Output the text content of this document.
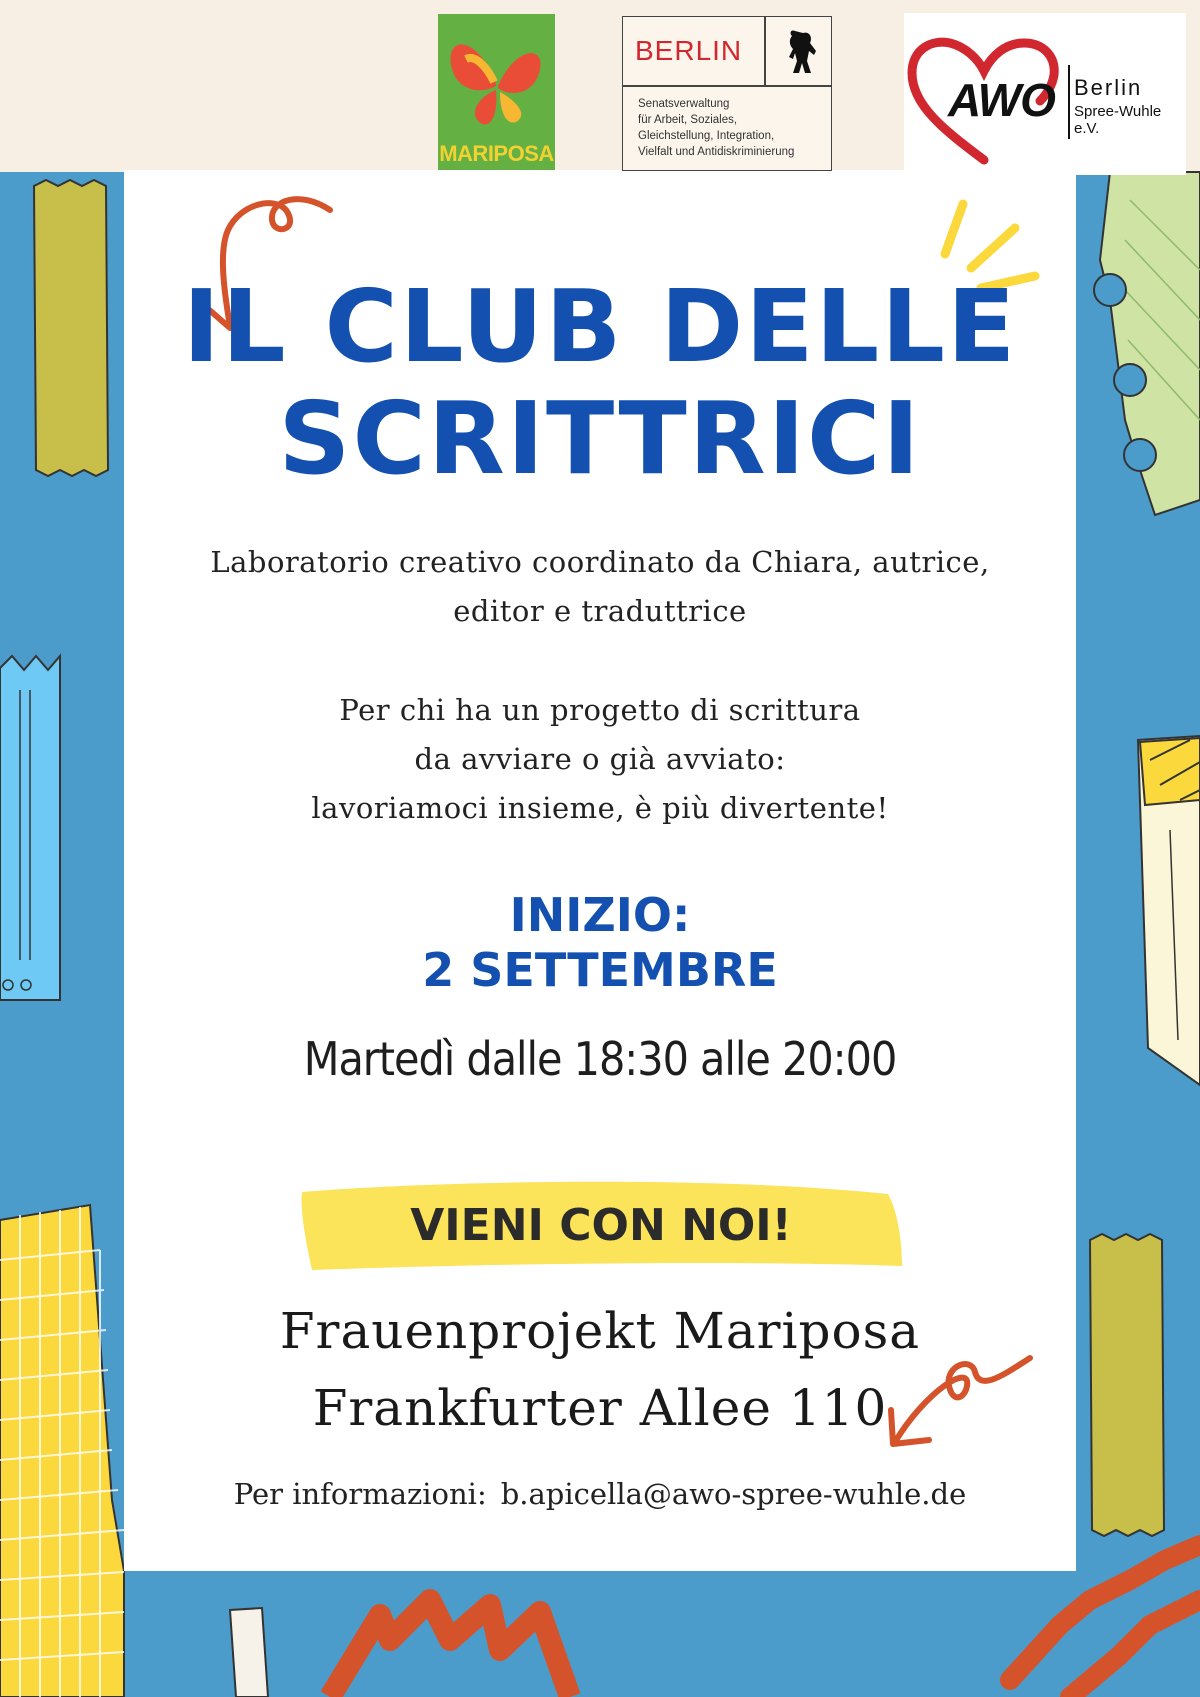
MARIPOSA
BERLIN
Senatsverwaltung
für Arbeit, Soziales,
Gleichstellung, Integration,
Vielfalt und Antidiskriminierung
AWO Berlin
Spree-Wuhle e.V.
IL CLUB DELLE
SCRITTRICI
Laboratorio creativo coordinato da Chiara, autrice,
editor e traduttrice
Per chi ha un progetto di scrittura
da avviare o già avviato:
lavoriamoci insieme, è più divertente!
INIZIO:
2 SETTEMBRE
Martedì dalle 18:30 alle 20:00
VIENI CON NOI!
Frauenprojekt Mariposa
Frankfurter Allee 110
Per informazioni: b.apicella@awo-spree-wuhle.de
